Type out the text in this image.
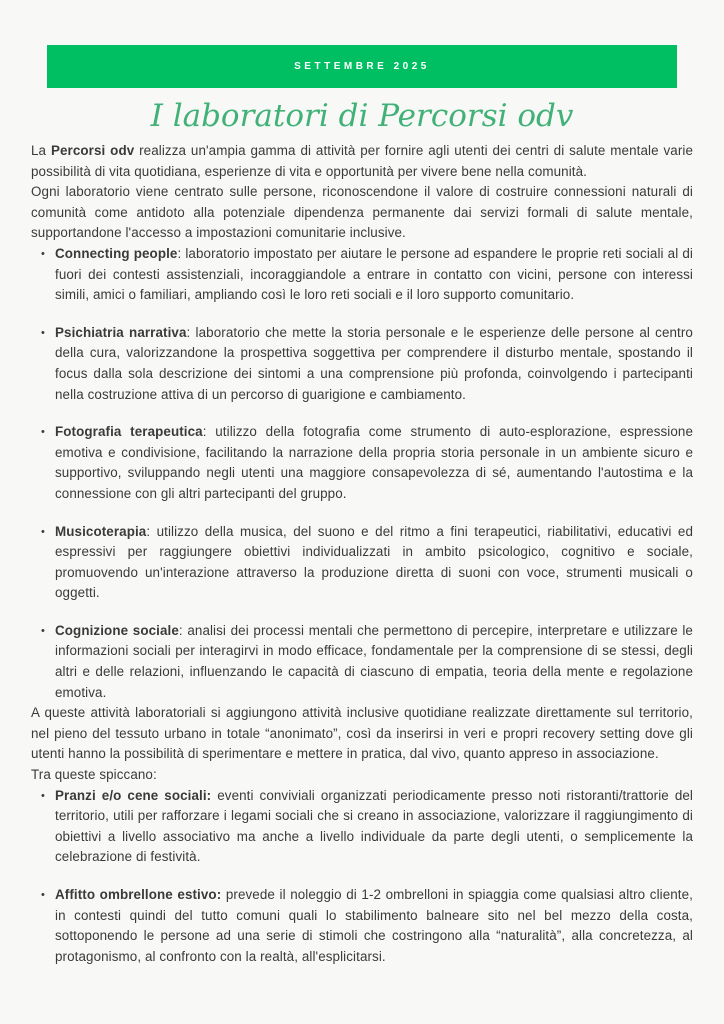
SETTEMBRE 2025
I laboratori di Percorsi odv

La Percorsi odv realizza un'ampia gamma di attività per fornire agli utenti dei centri di salute mentale varie possibilità di vita quotidiana, esperienze di vita e opportunità per vivere bene nella comunità.

Ogni laboratorio viene centrato sulle persone, riconoscendone il valore di costruire connessioni naturali di comunità come antidoto alla potenziale dipendenza permanente dai servizi formali di salute mentale, supportandone l'accesso a impostazioni comunitarie inclusive.

• Connecting people: laboratorio impostato per aiutare le persone ad espandere le proprie reti sociali al di fuori dei contesti assistenziali, incoraggiandole a entrare in contatto con vicini, persone con interessi simili, amici o familiari, ampliando così le loro reti sociali e il loro supporto comunitario.
• Psichiatria narrativa: laboratorio che mette la storia personale e le esperienze delle persone al centro della cura, valorizzandone la prospettiva soggettiva per comprendere il disturbo mentale, spostando il focus dalla sola descrizione dei sintomi a una comprensione più profonda, coinvolgendo i partecipanti nella costruzione attiva di un percorso di guarigione e cambiamento.
• Fotografia terapeutica: utilizzo della fotografia come strumento di auto-esplorazione, espressione emotiva e condivisione, facilitando la narrazione della propria storia personale in un ambiente sicuro e supportivo, sviluppando negli utenti una maggiore consapevolezza di sé, aumentando l'autostima e la connessione con gli altri partecipanti del gruppo.
• Musicoterapia: utilizzo della musica, del suono e del ritmo a fini terapeutici, riabilitativi, educativi ed espressivi per raggiungere obiettivi individualizzati in ambito psicologico, cognitivo e sociale, promuovendo un'interazione attraverso la produzione diretta di suoni con voce, strumenti musicali o oggetti.
• Cognizione sociale: analisi dei processi mentali che permettono di percepire, interpretare e utilizzare le informazioni sociali per interagirvi in modo efficace, fondamentale per la comprensione di se stessi, degli altri e delle relazioni, influenzando le capacità di ciascuno di empatia, teoria della mente e regolazione emotiva.

A queste attività laboratoriali si aggiungono attività inclusive quotidiane realizzate direttamente sul territorio, nel pieno del tessuto urbano in totale “anonimato”, così da inserirsi in veri e propri recovery setting dove gli utenti hanno la possibilità di sperimentare e mettere in pratica, dal vivo, quanto appreso in associazione.

Tra queste spiccano:

• Pranzi e/o cene sociali: eventi conviviali organizzati periodicamente presso noti ristoranti/trattorie del territorio, utili per rafforzare i legami sociali che si creano in associazione, valorizzare il raggiungimento di obiettivi a livello associativo ma anche a livello individuale da parte degli utenti, o semplicemente la celebrazione di festività.
• Affitto ombrellone estivo: prevede il noleggio di 1-2 ombrelloni in spiaggia come qualsiasi altro cliente, in contesti quindi del tutto comuni quali lo stabilimento balneare sito nel bel mezzo della costa, sottoponendo le persone ad una serie di stimoli che costringono alla “naturalità”, alla concretezza, al protagonismo, al confronto con la realtà, all'esplicitarsi.
